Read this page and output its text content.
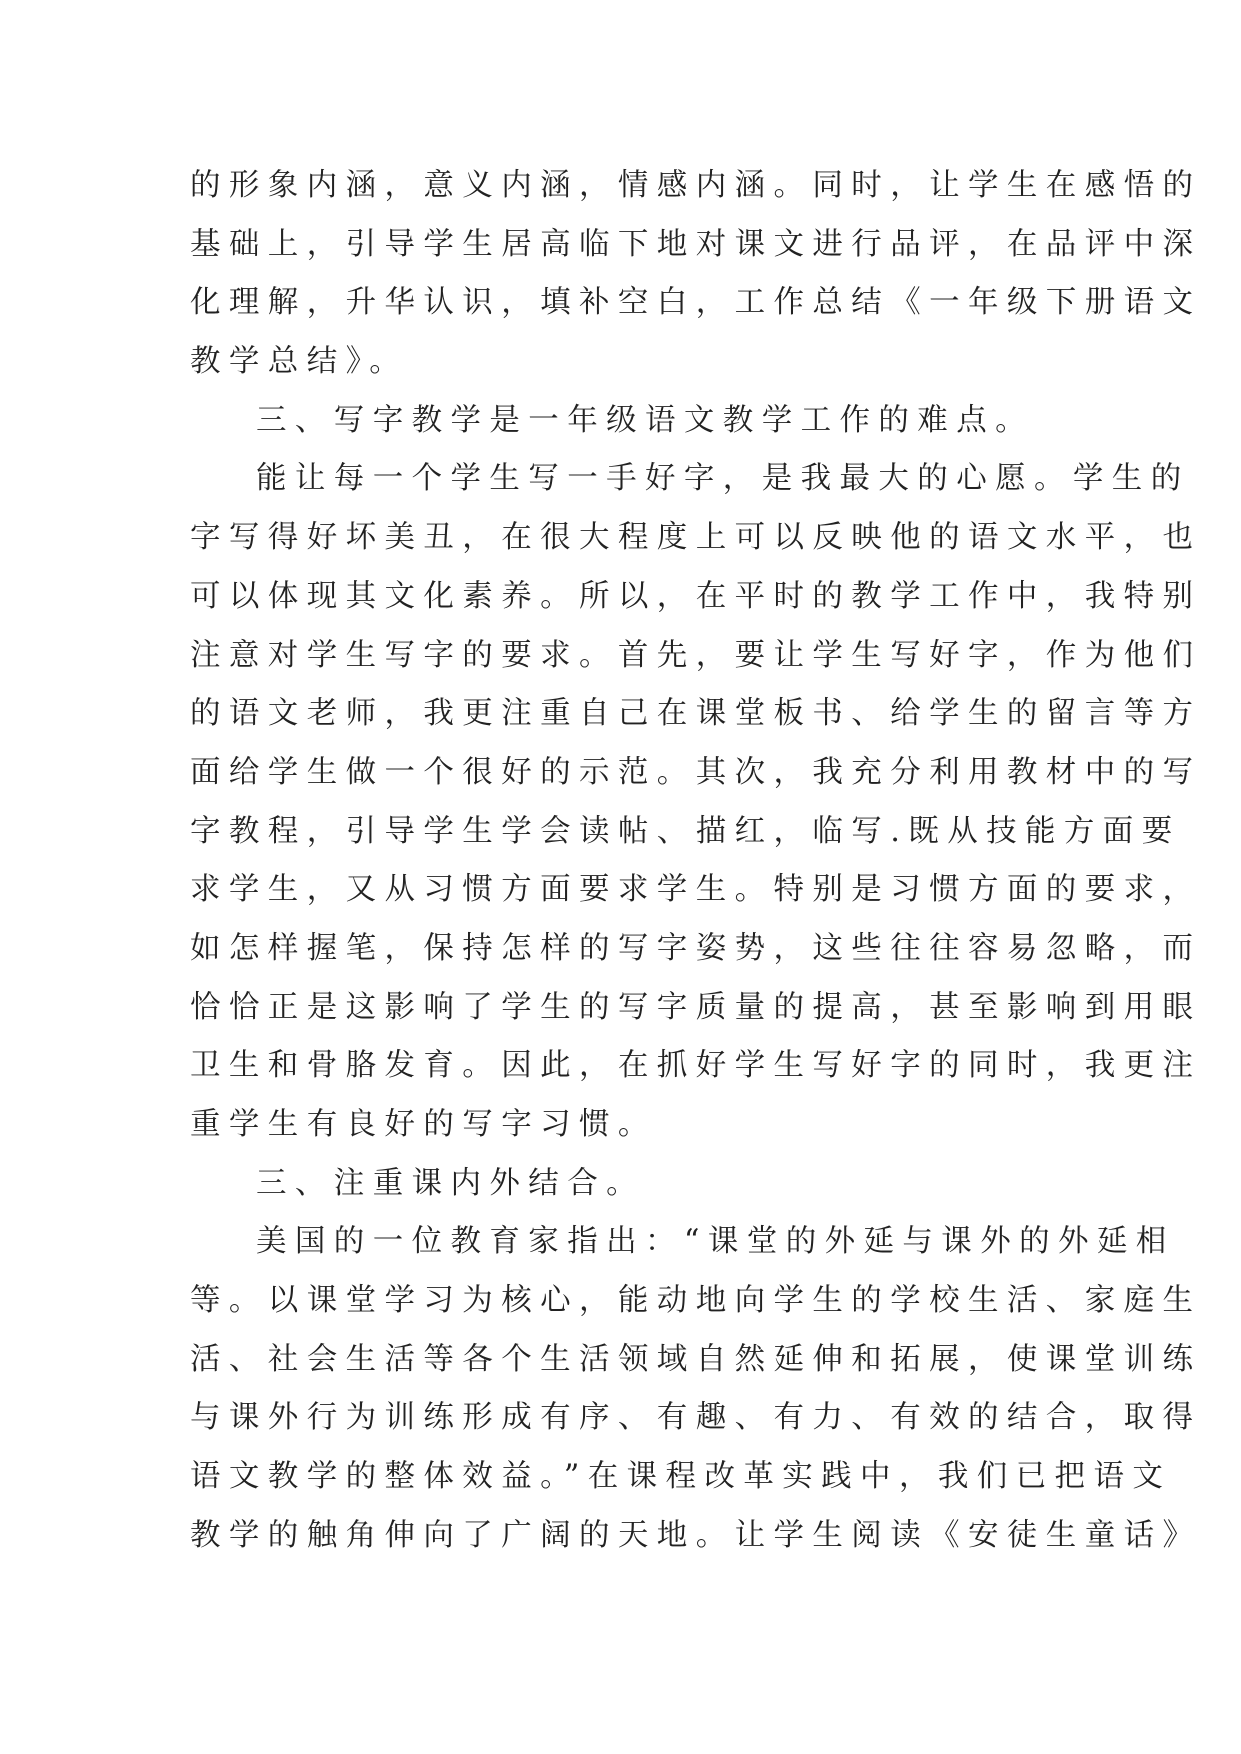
的形象内涵，意义内涵，情感内涵。同时，让学生在感悟的
基础上，引导学生居高临下地对课文进行品评，在品评中深
化理解，升华认识，填补空白，工作总结《一年级下册语文
教学总结》。
三、写字教学是一年级语文教学工作的难点。
能让每一个学生写一手好字，是我最大的心愿。学生的
字写得好坏美丑，在很大程度上可以反映他的语文水平，也
可以体现其文化素养。所以，在平时的教学工作中，我特别
注意对学生写字的要求。首先，要让学生写好字，作为他们
的语文老师，我更注重自己在课堂板书、给学生的留言等方
面给学生做一个很好的示范。其次，我充分利用教材中的写
字教程，引导学生学会读帖、描红，临写.既从技能方面要
求学生，又从习惯方面要求学生。特别是习惯方面的要求，
如怎样握笔，保持怎样的写字姿势，这些往往容易忽略，而
恰恰正是这影响了学生的写字质量的提高，甚至影响到用眼
卫生和骨胳发育。因此，在抓好学生写好字的同时，我更注
重学生有良好的写字习惯。
三、注重课内外结合。
美国的一位教育家指出：“课堂的外延与课外的外延相
等。以课堂学习为核心，能动地向学生的学校生活、家庭生
活、社会生活等各个生活领域自然延伸和拓展，使课堂训练
与课外行为训练形成有序、有趣、有力、有效的结合，取得
语文教学的整体效益。”在课程改革实践中，我们已把语文
教学的触角伸向了广阔的天地。让学生阅读《安徒生童话》
